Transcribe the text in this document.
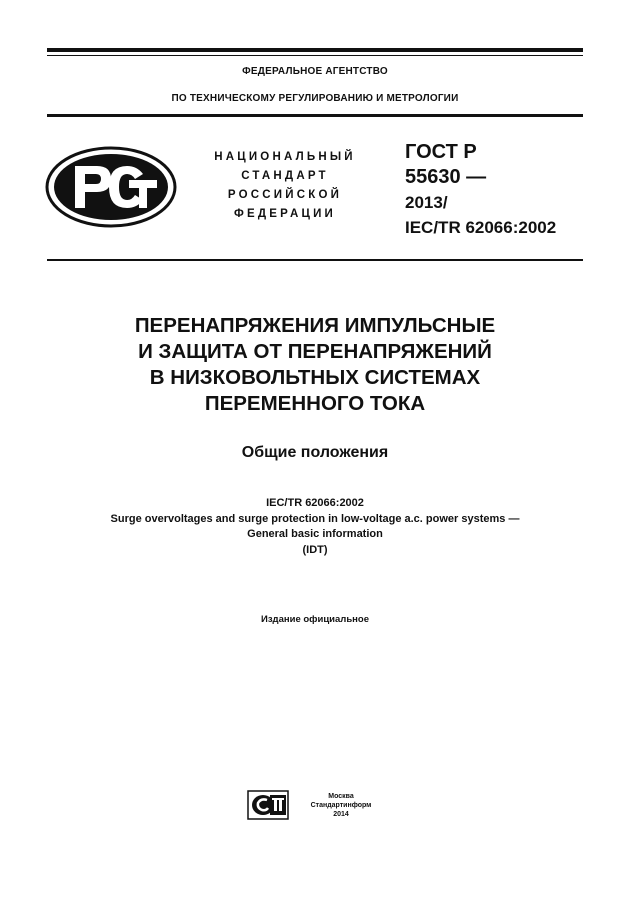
ФЕДЕРАЛЬНОЕ АГЕНТСТВО
ПО ТЕХНИЧЕСКОМУ РЕГУЛИРОВАНИЮ И МЕТРОЛОГИИ
НАЦИОНАЛЬНЫЙ
СТАНДАРТ
РОССИЙСКОЙ
ФЕДЕРАЦИИ
ГОСТ Р
55630 —
2013/
IEC/TR 62066:2002
ПЕРЕНАПРЯЖЕНИЯ ИМПУЛЬСНЫЕ
И ЗАЩИТА ОТ ПЕРЕНАПРЯЖЕНИЙ
В НИЗКОВОЛЬТНЫХ СИСТЕМАХ
ПЕРЕМЕННОГО ТОКА
Общие положения
IEC/TR 62066:2002
Surge overvoltages and surge protection in low-voltage a.c. power systems —
General basic information
(IDT)
Издание официальное
Москва
Стандартинформ
2014
